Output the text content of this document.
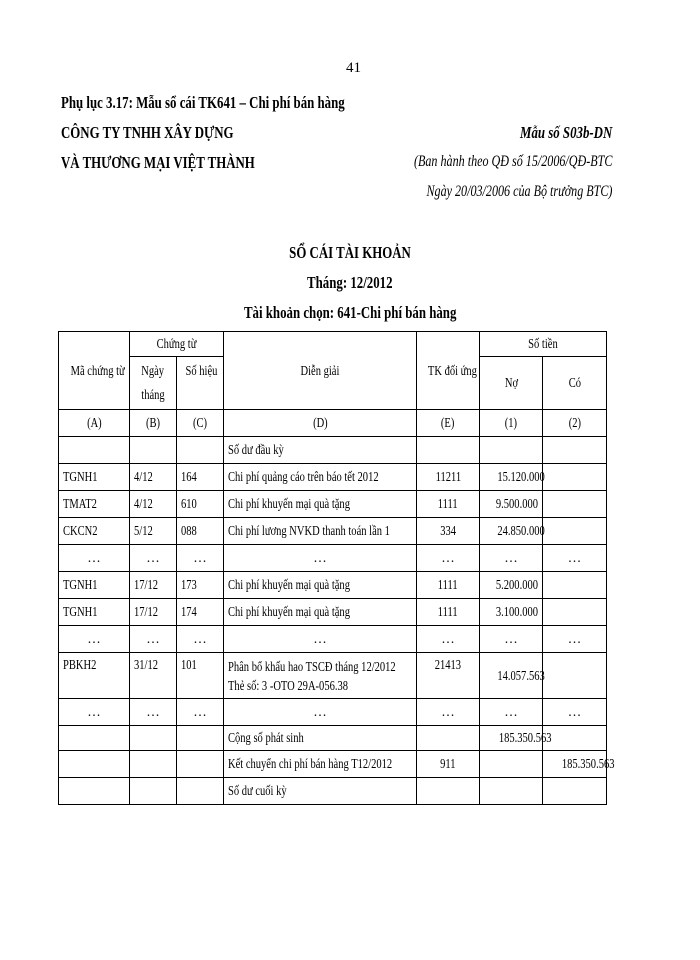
41
Phụ lục 3.17: Mẫu sổ cái TK641 – Chi phí bán hàng
CÔNG TY TNHH XÂY DỰNG
VÀ THƯƠNG MẠI VIỆT THÀNH
Mẫu số S03b-DN
(Ban hành theo QĐ số 15/2006/QĐ-BTC
Ngày 20/03/2006 của Bộ trưởng BTC)
SỔ CÁI TÀI KHOẢN
Tháng: 12/2012
Tài khoản chọn: 641-Chi phí bán hàng
Mã chứng từ	Chứng từ		Diễn giải	TK đối ứng	Số tiền	
	Ngày
tháng	Số hiệu			Nợ	Có
(A)	(B)	(C)	(D)	(E)	(1)	(2)
			Số dư đầu kỳ			
TGNH1	4/12	164	Chi phí quảng cáo trên báo tết 2012	11211	15.120.000	
TMAT2	4/12	610	Chi phí khuyến mại quà tặng	1111	9.500.000	
CKCN2	5/12	088	Chi phí lương NVKD thanh toán lần 1	334	24.850.000	
…	…	…	…	…	…	…
TGNH1	17/12	173	Chi phí khuyến mại quà tặng	1111	5.200.000	
TGNH1	17/12	174	Chi phí khuyến mại quà tặng	1111	3.100.000	
…	…	…	…	…	…	…
PBKH2	31/12	101	Phân bổ khấu hao TSCĐ tháng 12/2012
Thẻ số: 3 -OTO 29A-056.38	21413	14.057.563	
…	…	…	…	…	…	…
			Cộng số phát sinh		185.350.563	
			Kết chuyển chi phí bán hàng T12/2012	911		185.350.563
			Số dư cuối kỳ			
